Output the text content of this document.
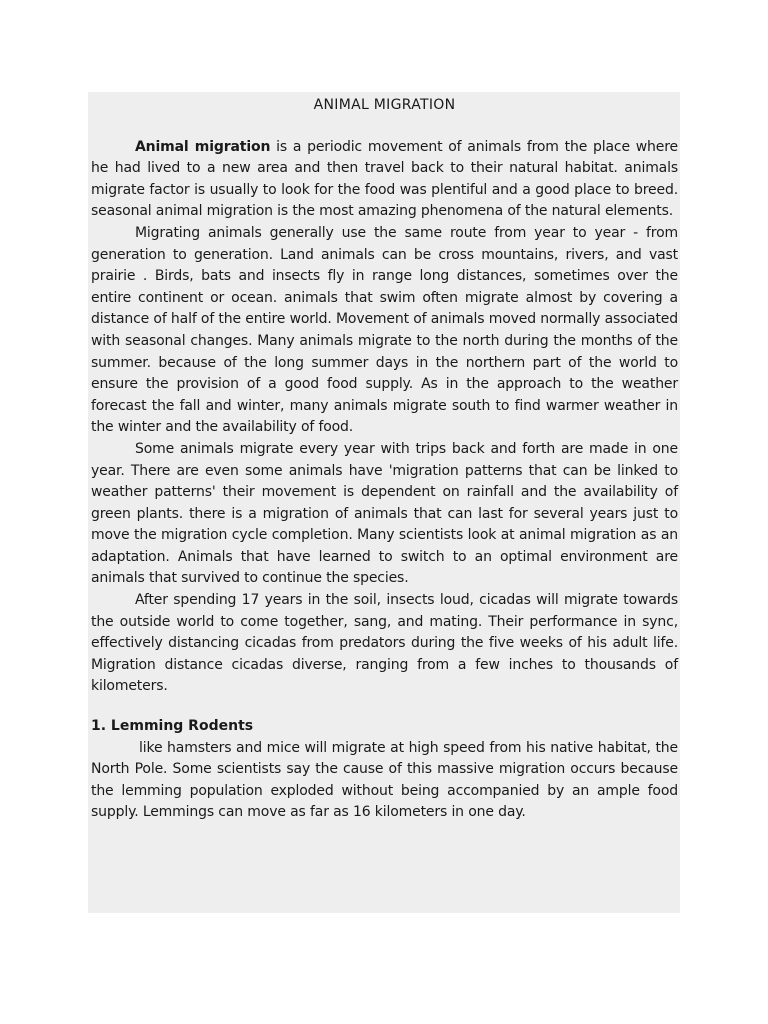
ANIMAL MIGRATION

Animal migration is a periodic movement of animals from the place where he had lived to a new area and then travel back to their natural habitat. animals migrate factor is usually to look for the food was plentiful and a good place to breed. seasonal animal migration is the most amazing phenomena of the natural elements.

Migrating animals generally use the same route from year to year - from generation to generation. Land animals can be cross mountains, rivers, and vast prairie . Birds, bats and insects fly in range long distances, sometimes over the entire continent or ocean. animals that swim often migrate almost by covering a distance of half of the entire world. Movement of animals moved normally associated with seasonal changes. Many animals migrate to the north during the months of the summer. because of the long summer days in the northern part of the world to ensure the provision of a good food supply. As in the approach to the weather forecast the fall and winter, many animals migrate south to find warmer weather in the winter and the availability of food.

Some animals migrate every year with trips back and forth are made in one year. There are even some animals have 'migration patterns that can be linked to weather patterns' their movement is dependent on rainfall and the availability of green plants. there is a migration of animals that can last for several years just to move the migration cycle completion. Many scientists look at animal migration as an adaptation. Animals that have learned to switch to an optimal environment are animals that survived to continue the species.

After spending 17 years in the soil, insects loud, cicadas will migrate towards the outside world to come together, sang, and mating. Their performance in sync, effectively distancing cicadas from predators during the five weeks of his adult life. Migration distance cicadas diverse, ranging from a few inches to thousands of kilometers.

1. Lemming Rodents

like hamsters and mice will migrate at high speed from his native habitat, the North Pole. Some scientists say the cause of this massive migration occurs because the lemming population exploded without being accompanied by an ample food supply. Lemmings can move as far as 16 kilometers in one day.
